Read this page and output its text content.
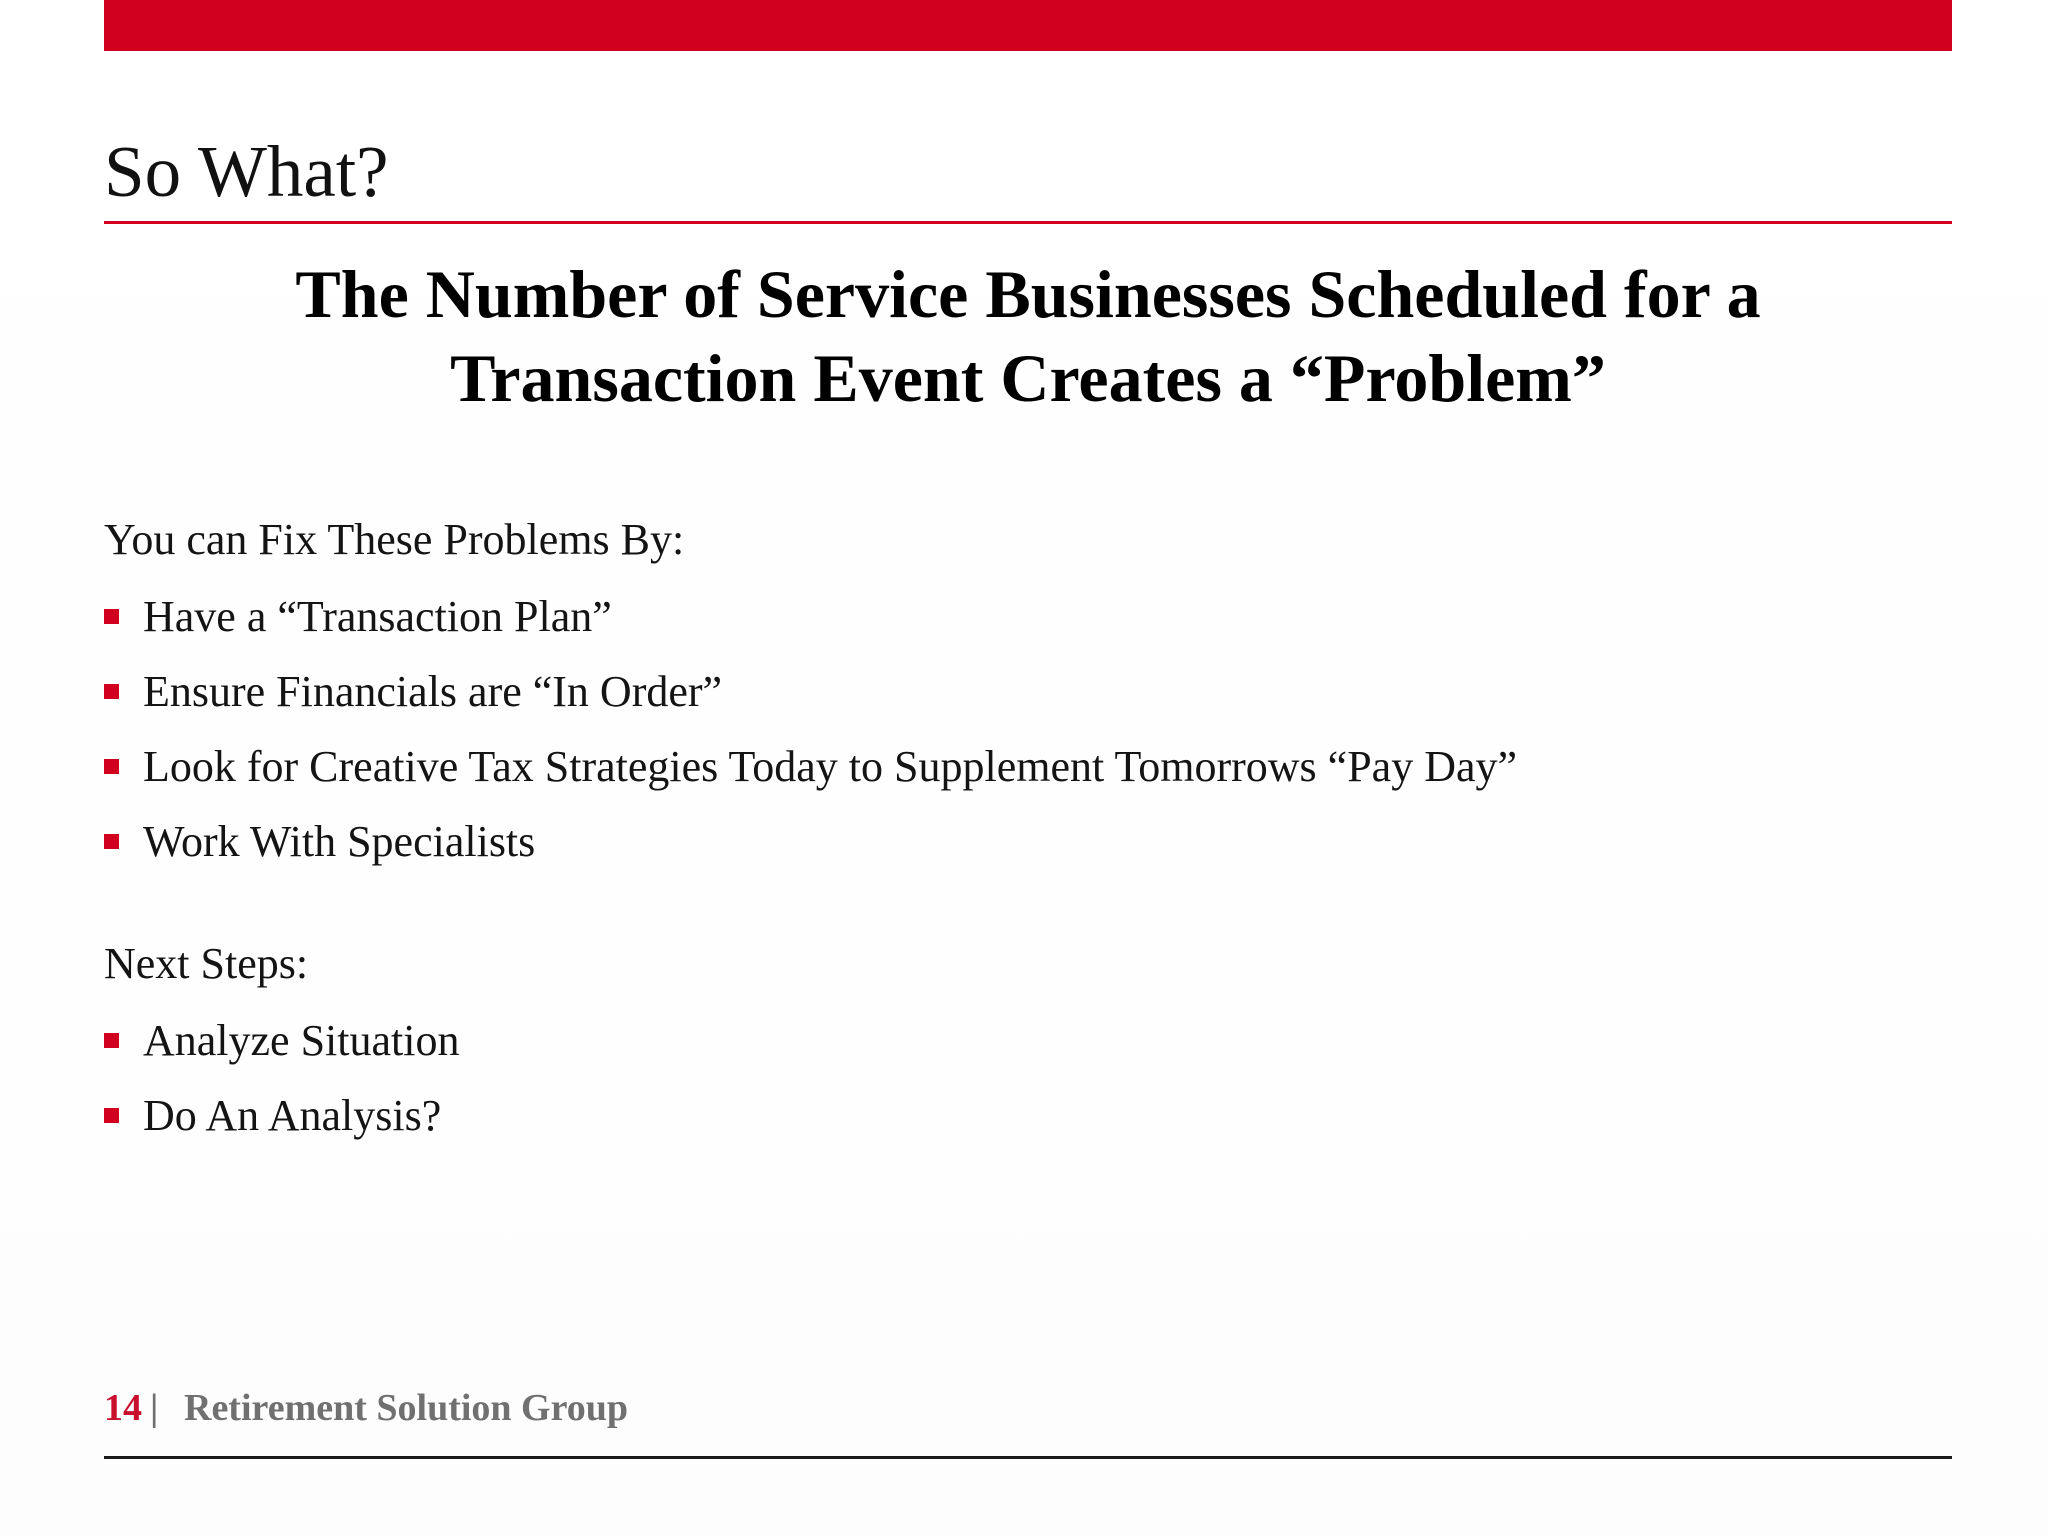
So What?
The Number of Service Businesses Scheduled for a
Transaction Event Creates a “Problem”
You can Fix These Problems By:
Have a “Transaction Plan”
Ensure Financials are “In Order”
Look for Creative Tax Strategies Today to Supplement Tomorrows “Pay Day”
Work With Specialists
Next Steps:
Analyze Situation
Do An Analysis?
14 | Retirement Solution Group
